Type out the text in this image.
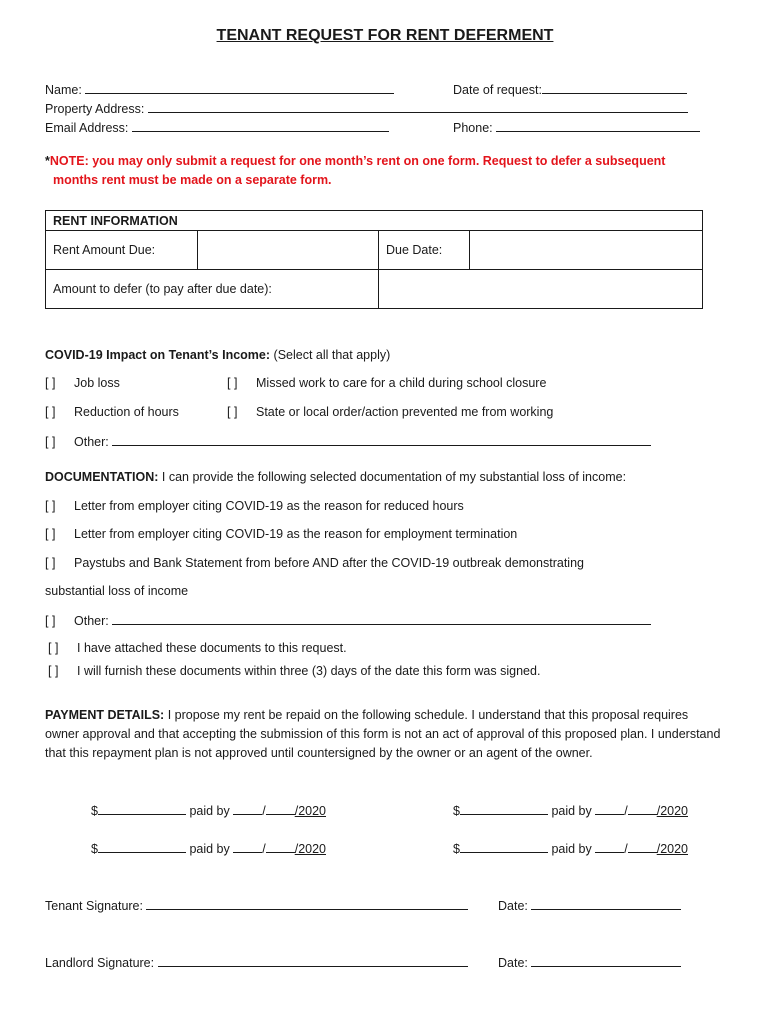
TENANT REQUEST FOR RENT DEFERMENT
Name:	Date of request:
Property Address:
Email Address:	Phone:
*NOTE: you may only submit a request for one month’s rent on one form. Request to defer a subsequent
months rent must be made on a separate form.
RENT INFORMATION			
Rent Amount Due:		Due Date:	
Amount to defer (to pay after due date):			
COVID-19 Impact on Tenant’s Income: (Select all that apply)
[ ] Job loss	[ ] Missed work to care for a child during school closure
[ ] Reduction of hours	[ ] State or local order/action prevented me from working
[ ] Other:
DOCUMENTATION: I can provide the following selected documentation of my substantial loss of income:
[ ] Letter from employer citing COVID-19 as the reason for reduced hours
[ ] Letter from employer citing COVID-19 as the reason for employment termination
[ ] Paystubs and Bank Statement from before AND after the COVID-19 outbreak demonstrating
substantial loss of income
[ ] Other:
[ ] I have attached these documents to this request.
[ ] I will furnish these documents within three (3) days of the date this form was signed.
PAYMENT DETAILS: I propose my rent be repaid on the following schedule. I understand that this proposal requires owner approval and that accepting the submission of this form is not an act of approval of this proposed plan. I understand that this repayment plan is not approved until countersigned by the owner or an agent of the owner.
$	paid by	/ /2020	$	paid by	/ /2020
$	paid by	/ /2020	$	paid by	/ /2020
Tenant Signature:	Date:
Landlord Signature:	Date:
